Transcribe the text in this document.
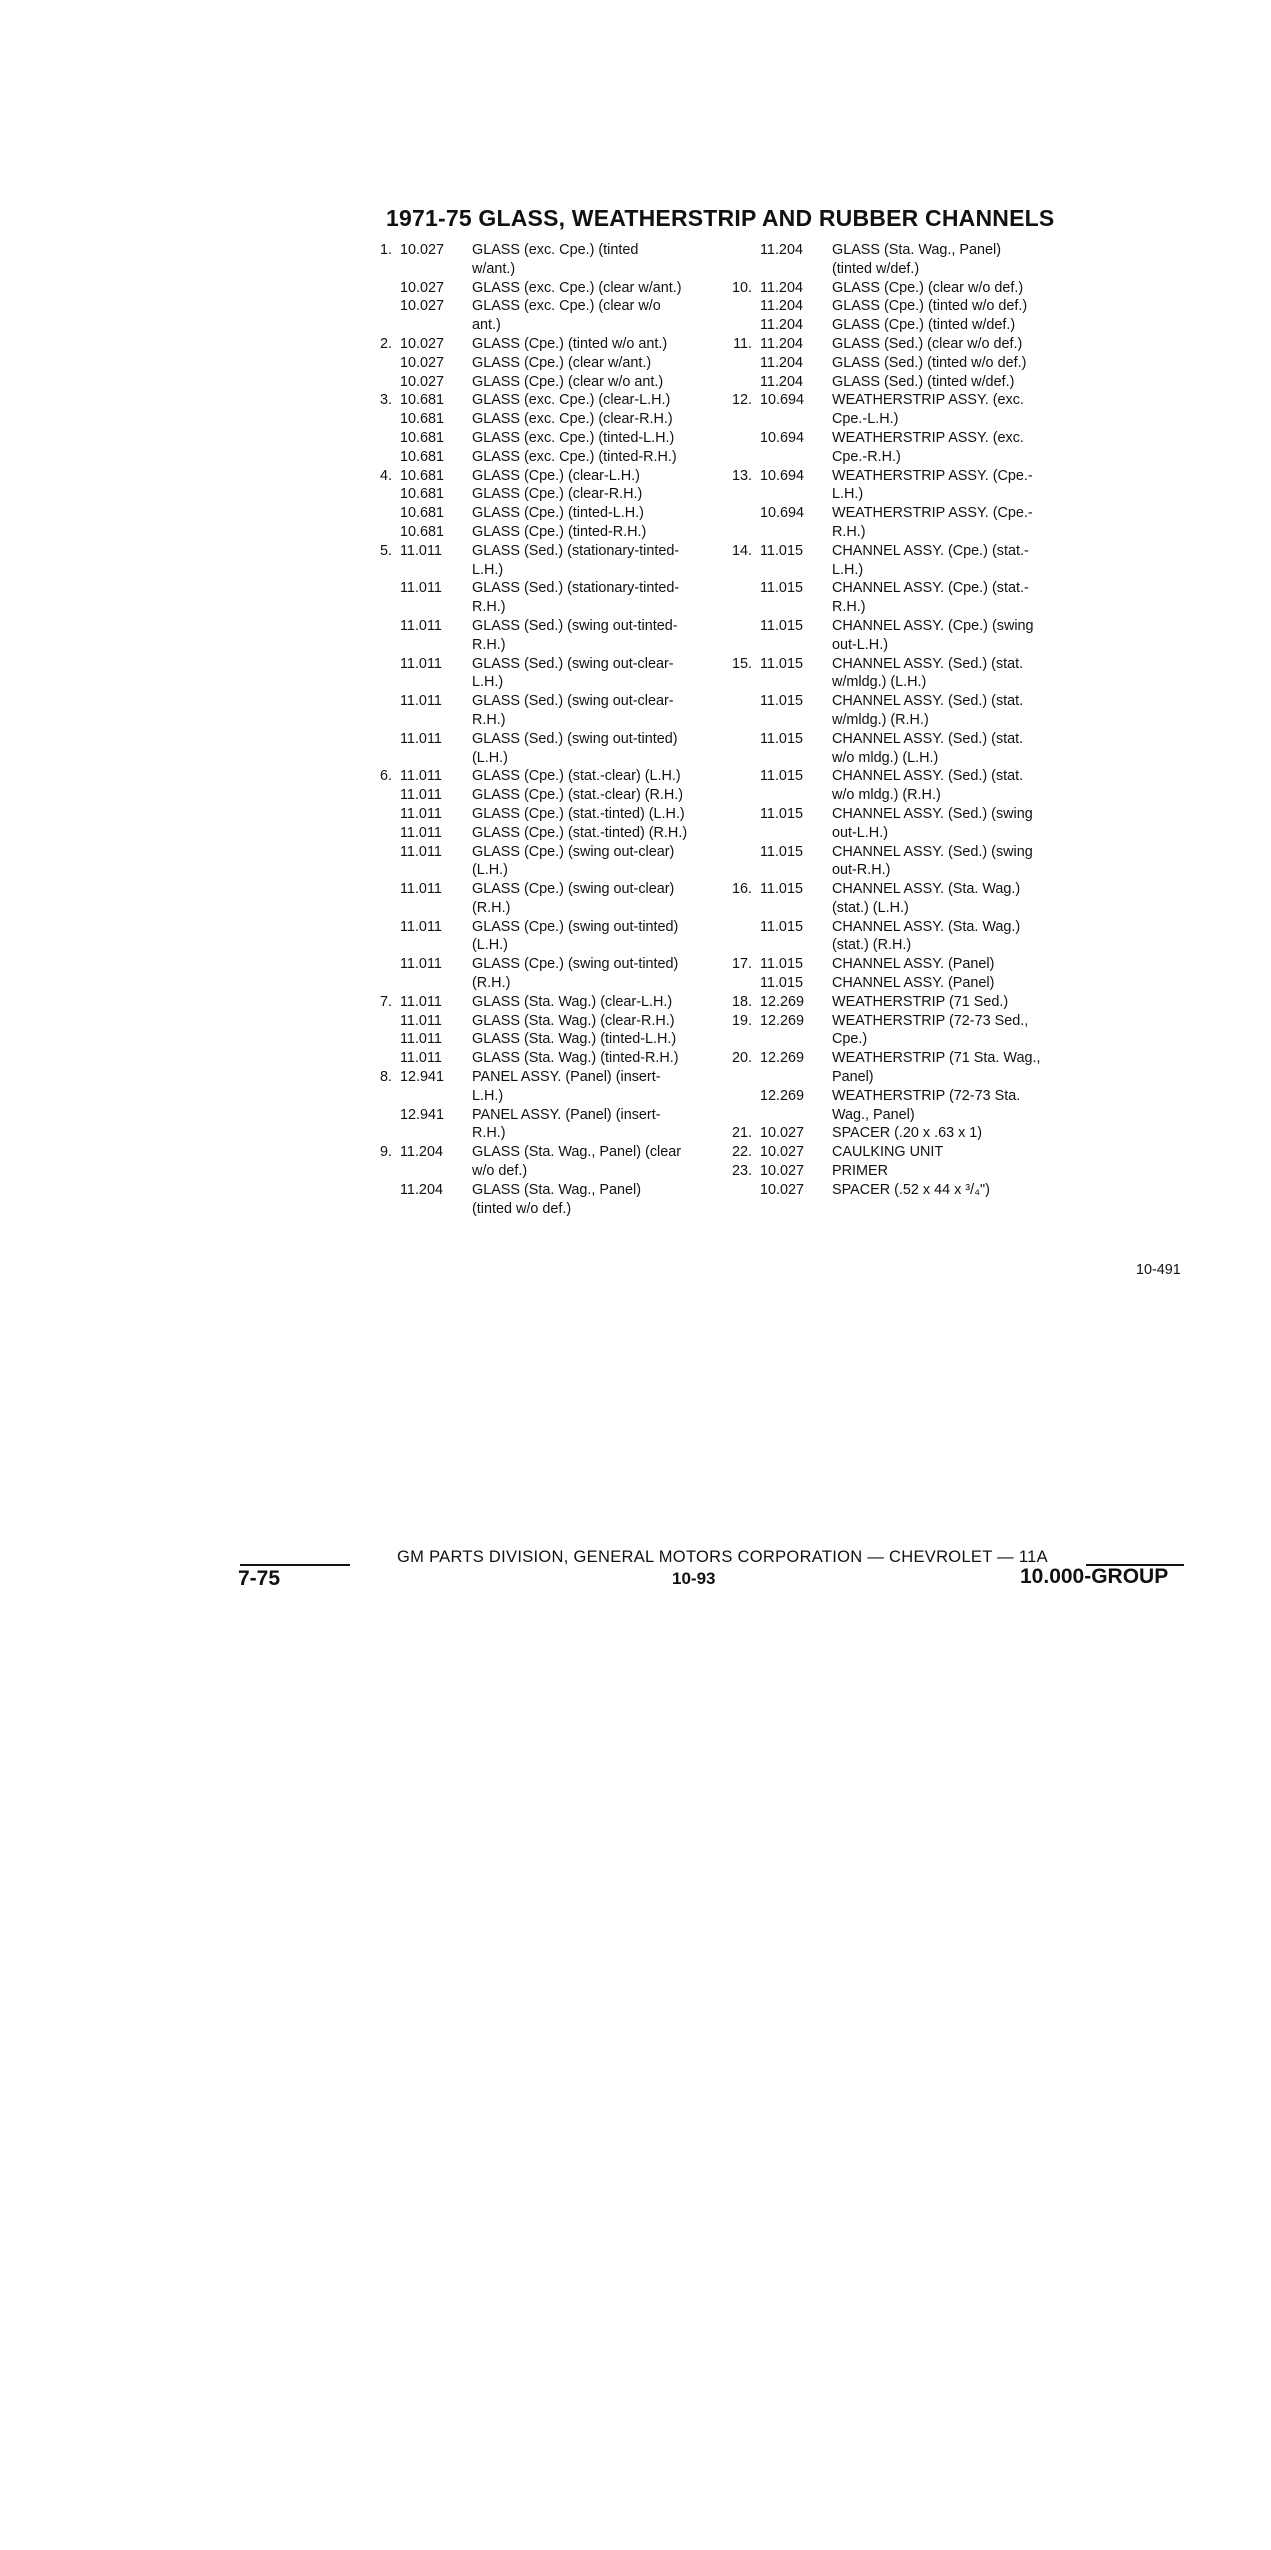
1971-75 GLASS, WEATHERSTRIP AND RUBBER CHANNELS
1. 10.027	GLASS (exc. Cpe.) (tinted
w/ant.)
10.027	GLASS (exc. Cpe.) (clear w/ant.)
10.027	GLASS (exc. Cpe.) (clear w/o
ant.)
2. 10.027	GLASS (Cpe.) (tinted w/o ant.)
10.027	GLASS (Cpe.) (clear w/ant.)
10.027	GLASS (Cpe.) (clear w/o ant.)
3. 10.681	GLASS (exc. Cpe.) (clear-L.H.)
10.681	GLASS (exc. Cpe.) (clear-R.H.)
10.681	GLASS (exc. Cpe.) (tinted-L.H.)
10.681	GLASS (exc. Cpe.) (tinted-R.H.)
4. 10.681	GLASS (Cpe.) (clear-L.H.)
10.681	GLASS (Cpe.) (clear-R.H.)
10.681	GLASS (Cpe.) (tinted-L.H.)
10.681	GLASS (Cpe.) (tinted-R.H.)
5. 11.011	GLASS (Sed.) (stationary-tinted-
L.H.)
11.011	GLASS (Sed.) (stationary-tinted-
R.H.)
11.011	GLASS (Sed.) (swing out-tinted-
R.H.)
11.011	GLASS (Sed.) (swing out-clear-
L.H.)
11.011	GLASS (Sed.) (swing out-clear-
R.H.)
11.011	GLASS (Sed.) (swing out-tinted)
(L.H.)
6. 11.011	GLASS (Cpe.) (stat.-clear) (L.H.)
11.011	GLASS (Cpe.) (stat.-clear) (R.H.)
11.011	GLASS (Cpe.) (stat.-tinted) (L.H.)
11.011	GLASS (Cpe.) (stat.-tinted) (R.H.)
11.011	GLASS (Cpe.) (swing out-clear)
(L.H.)
11.011	GLASS (Cpe.) (swing out-clear)
(R.H.)
11.011	GLASS (Cpe.) (swing out-tinted)
(L.H.)
11.011	GLASS (Cpe.) (swing out-tinted)
(R.H.)
7. 11.011	GLASS (Sta. Wag.) (clear-L.H.)
11.011	GLASS (Sta. Wag.) (clear-R.H.)
11.011	GLASS (Sta. Wag.) (tinted-L.H.)
11.011	GLASS (Sta. Wag.) (tinted-R.H.)
8. 12.941	PANEL ASSY. (Panel) (insert-
L.H.)
12.941	PANEL ASSY. (Panel) (insert-
R.H.)
9. 11.204	GLASS (Sta. Wag., Panel) (clear
w/o def.)
11.204	GLASS (Sta. Wag., Panel)
(tinted w/o def.)
11.204	GLASS (Sta. Wag., Panel)
(tinted w/def.)
10. 11.204	GLASS (Cpe.) (clear w/o def.)
11.204	GLASS (Cpe.) (tinted w/o def.)
11.204	GLASS (Cpe.) (tinted w/def.)
11. 11.204	GLASS (Sed.) (clear w/o def.)
11.204	GLASS (Sed.) (tinted w/o def.)
11.204	GLASS (Sed.) (tinted w/def.)
12. 10.694	WEATHERSTRIP ASSY. (exc.
Cpe.-L.H.)
10.694	WEATHERSTRIP ASSY. (exc.
Cpe.-R.H.)
13. 10.694	WEATHERSTRIP ASSY. (Cpe.-
L.H.)
10.694	WEATHERSTRIP ASSY. (Cpe.-
R.H.)
14. 11.015	CHANNEL ASSY. (Cpe.) (stat.-
L.H.)
11.015	CHANNEL ASSY. (Cpe.) (stat.-
R.H.)
11.015	CHANNEL ASSY. (Cpe.) (swing
out-L.H.)
15. 11.015	CHANNEL ASSY. (Sed.) (stat.
w/mldg.) (L.H.)
11.015	CHANNEL ASSY. (Sed.) (stat.
w/mldg.) (R.H.)
11.015	CHANNEL ASSY. (Sed.) (stat.
w/o mldg.) (L.H.)
11.015	CHANNEL ASSY. (Sed.) (stat.
w/o mldg.) (R.H.)
11.015	CHANNEL ASSY. (Sed.) (swing
out-L.H.)
11.015	CHANNEL ASSY. (Sed.) (swing
out-R.H.)
16. 11.015	CHANNEL ASSY. (Sta. Wag.)
(stat.) (L.H.)
11.015	CHANNEL ASSY. (Sta. Wag.)
(stat.) (R.H.)
17. 11.015	CHANNEL ASSY. (Panel)
11.015	CHANNEL ASSY. (Panel)
18. 12.269	WEATHERSTRIP (71 Sed.)
19. 12.269	WEATHERSTRIP (72-73 Sed.,
Cpe.)
20. 12.269	WEATHERSTRIP (71 Sta. Wag.,
Panel)
12.269	WEATHERSTRIP (72-73 Sta.
Wag., Panel)
21. 10.027	SPACER (.20 x .63 x 1)
22. 10.027	CAULKING UNIT
23. 10.027	PRIMER
10.027	SPACER (.52 x 44 x ³/₄")
10-491
GM PARTS DIVISION, GENERAL MOTORS CORPORATION — CHEVROLET — 11A
7-75	10-93	10.000-GROUP
